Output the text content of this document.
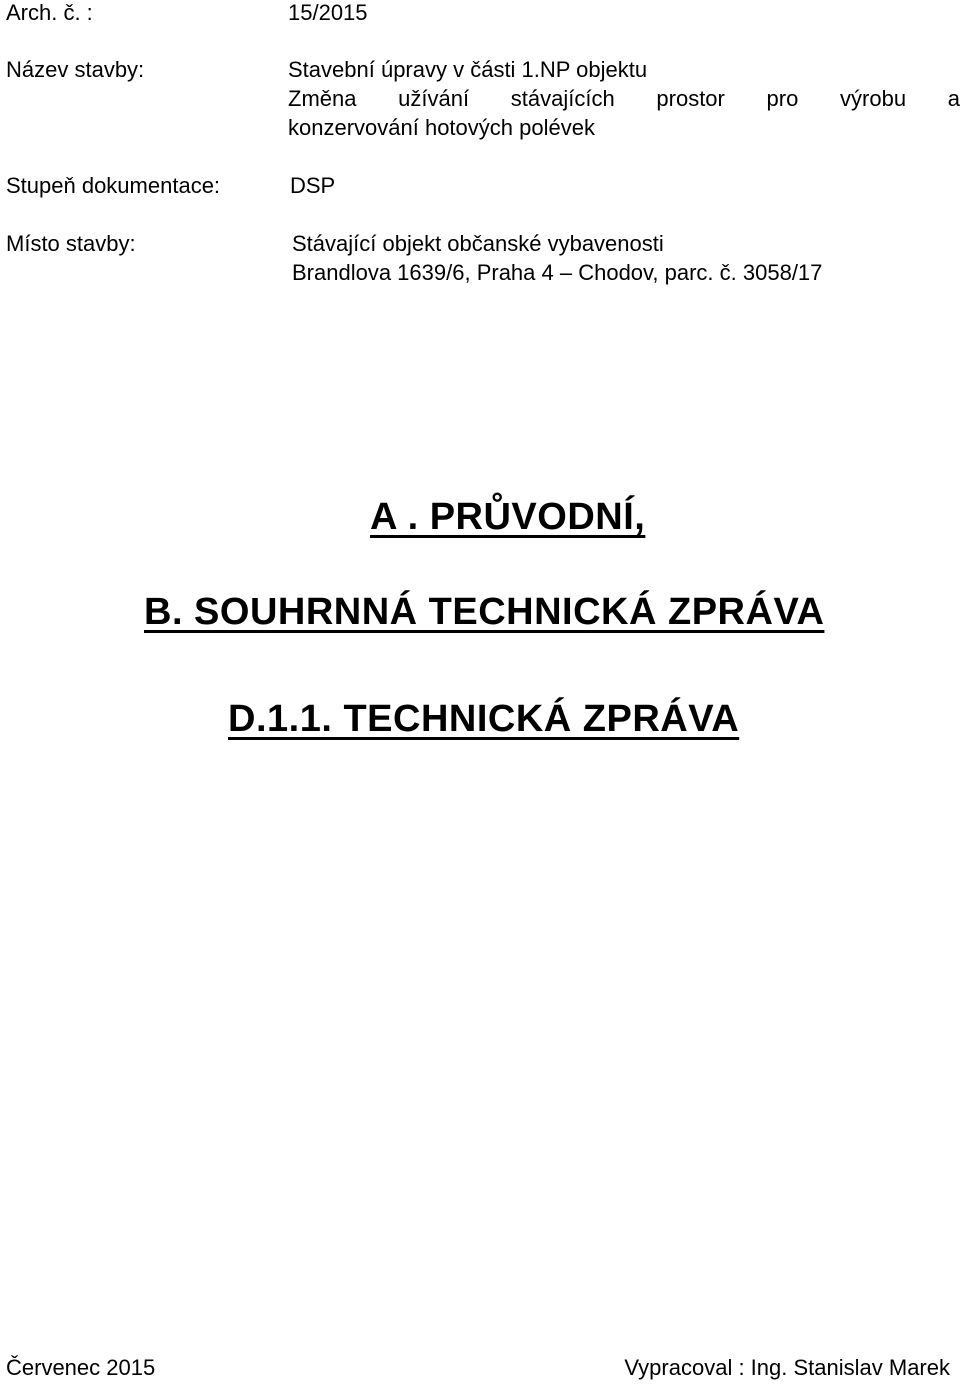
Arch. č. :	15/2015
Název stavby:	Stavební úpravy v části 1.NP objektu
Změna užívání stávajících prostor pro výrobu a
konzervování hotových polévek
Stupeň dokumentace:	DSP
Místo stavby:	Stávající objekt občanské vybavenosti
Brandlova 1639/6, Praha 4 – Chodov, parc. č. 3058/17
A . PRŮVODNÍ,
B. SOUHRNNÁ TECHNICKÁ ZPRÁVA
D.1.1. TECHNICKÁ ZPRÁVA
Červenec 2015	Vypracoval : Ing. Stanislav Marek
